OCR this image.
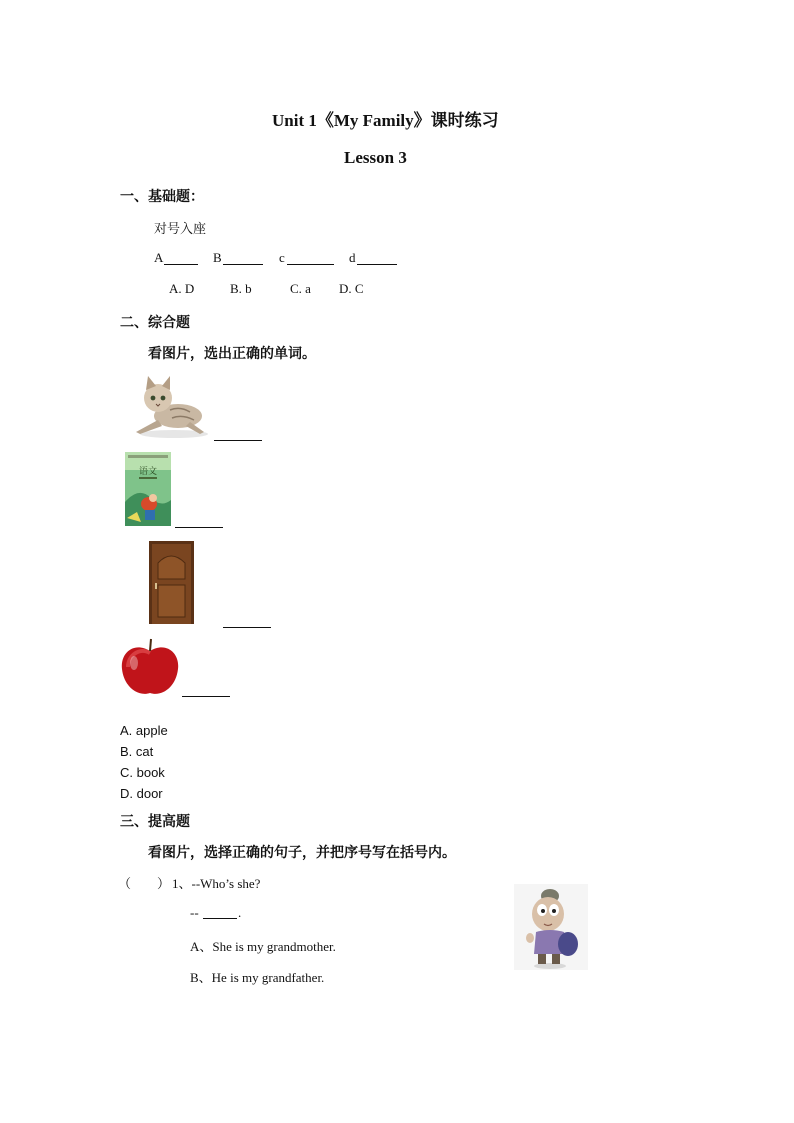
Unit 1《My Family》课时练习
Lesson 3
一、基础题：
对号入座
A	B	c	d
A. D	B. b	C. a D. C
二、综合题
看图片，选出正确的单词。
语文
A. apple
B. cat
C. book
D. door
三、提高题
看图片，选择正确的句子，并把序号写在括号内。
（　　） 1、--Who’s she?
--	.
A、She is my grandmother.
B、He is my grandfather.
